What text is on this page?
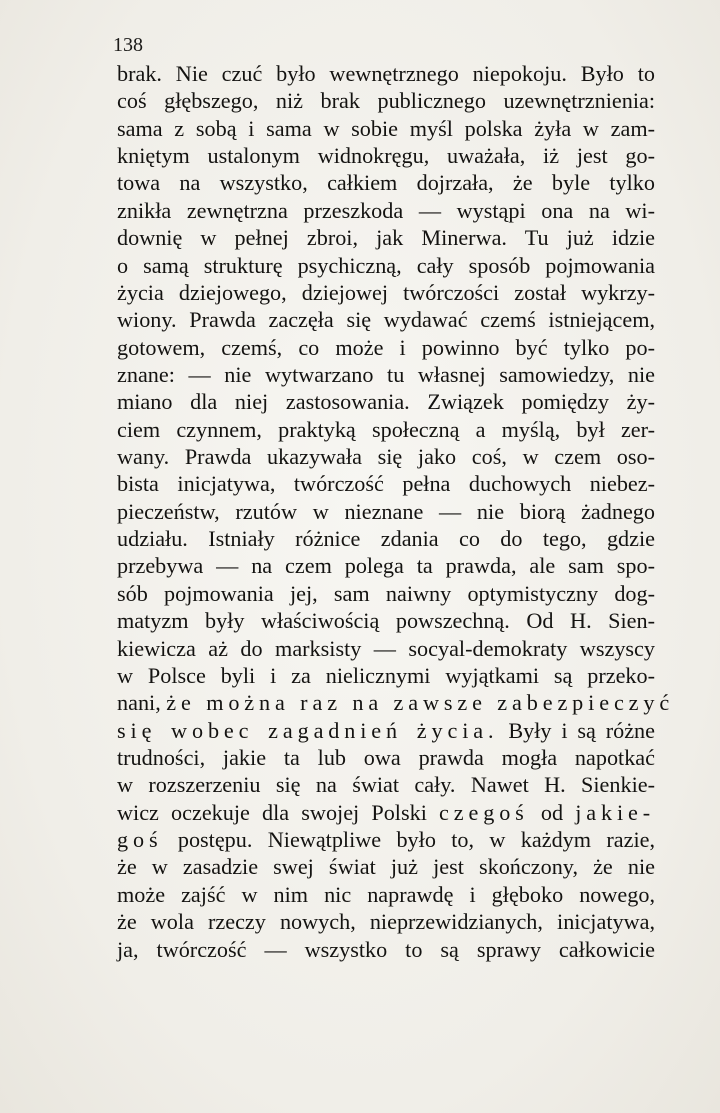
138

brak. Nie czuć było wewnętrznego niepokoju. Było to
coś głębszego, niż brak publicznego uzewnętrznienia:
sama z sobą i sama w sobie myśl polska żyła w zam-
kniętym ustalonym widnokręgu, uważała, iż jest go-
towa na wszystko, całkiem dojrzała, że byle tylko
znikła zewnętrzna przeszkoda — wystąpi ona na wi-
downię w pełnej zbroi, jak Minerwa. Tu już idzie
o samą strukturę psychiczną, cały sposób pojmowania
życia dziejowego, dziejowej twórczości został wykrzy-
wiony. Prawda zaczęła się wydawać czemś istniejącem,
gotowem, czemś, co może i powinno być tylko po-
znane: — nie wytwarzano tu własnej samowiedzy, nie
miano dla niej zastosowania. Związek pomiędzy ży-
ciem czynnem, praktyką społeczną a myślą, był zer-
wany. Prawda ukazywała się jako coś, w czem oso-
bista inicjatywa, twórczość pełna duchowych niebez-
pieczeństw, rzutów w nieznane — nie biorą żadnego
udziału. Istniały różnice zdania co do tego, gdzie
przebywa — na czem polega ta prawda, ale sam spo-
sób pojmowania jej, sam naiwny optymistyczny dog-
matyzm były właściwością powszechną. Od H. Sien-
kiewicza aż do marksisty — socyal-demokraty wszyscy
w Polsce byli i za nielicznymi wyjątkami są przeko-
nani, że można raz na zawsze zabezpieczyć
się wobec zagadnień życia. Były i są różne
trudności, jakie ta lub owa prawda mogła napotkać
w rozszerzeniu się na świat cały. Nawet H. Sienkie-
wicz oczekuje dla swojej Polski czegoś od jakie-
goś postępu. Niewątpliwe było to, w każdym razie,
że w zasadzie swej świat już jest skończony, że nie
może zajść w nim nic naprawdę i głęboko nowego,
że wola rzeczy nowych, nieprzewidzianych, inicjatywa,
ja, twórczość — wszystko to są sprawy całkowicie
